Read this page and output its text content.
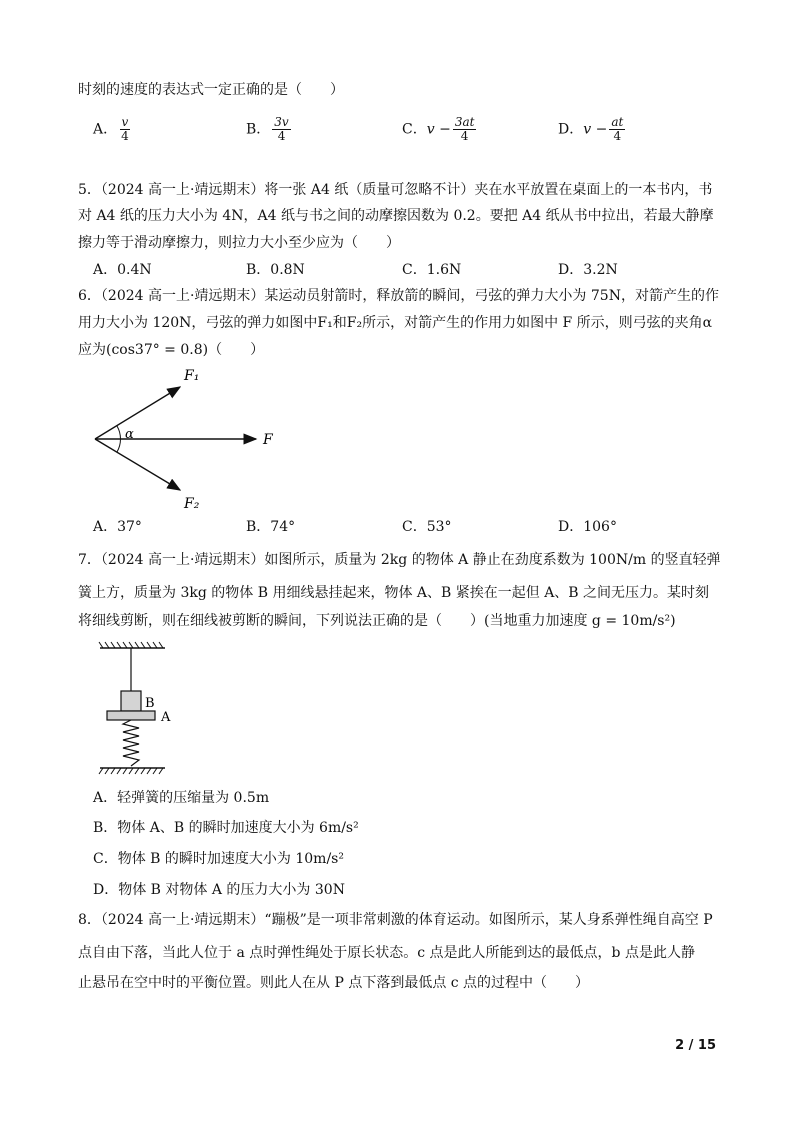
时刻的速度的表达式一定正确的是（　　）
A． $\frac{v}{4}$	B． $\frac{3v}{4}$	C．$v - \frac{3at}{4}$	D．$v - \frac{at}{4}$
5．（2024 高一上·靖远期末）将一张 A4 纸（质量可忽略不计）夹在水平放置在桌面上的一本书内，书
对 A4 纸的压力大小为 4N，A4 纸与书之间的动摩擦因数为 0.2。要把 A4 纸从书中拉出，若最大静摩
擦力等于滑动摩擦力，则拉力大小至少应为（　　）
A．0.4N	B．0.8N	C．1.6N	D．3.2N
6．（2024 高一上·靖远期末）某运动员射箭时，释放箭的瞬间，弓弦的弹力大小为 75N，对箭产生的作
用力大小为 120N，弓弦的弹力如图中F₁和F₂所示，对箭产生的作用力如图中 F 所示，则弓弦的夹角α
应为(cos37° = 0.8)（　　）
F₁
F₂
F
α
A．37°	B．74°	C．53°	D．106°
7．（2024 高一上·靖远期末）如图所示，质量为 2kg 的物体 A 静止在劲度系数为 100N/m 的竖直轻弹
簧上方，质量为 3kg 的物体 B 用细线悬挂起来，物体 A、B 紧挨在一起但 A、B 之间无压力。某时刻
将细线剪断，则在细线被剪断的瞬间，下列说法正确的是（　　）(当地重力加速度 g = 10m/s²)
B
A
A．轻弹簧的压缩量为 0.5m
B．物体 A、B 的瞬时加速度大小为 6m/s²
C．物体 B 的瞬时加速度大小为 10m/s²
D．物体 B 对物体 A 的压力大小为 30N
8．（2024 高一上·靖远期末）“蹦极”是一项非常刺激的体育运动。如图所示，某人身系弹性绳自高空 P
点自由下落，当此人位于 a 点时弹性绳处于原长状态。c 点是此人所能到达的最低点，b 点是此人静
止悬吊在空中时的平衡位置。则此人在从 P 点下落到最低点 c 点的过程中（　　）
2 / 15
